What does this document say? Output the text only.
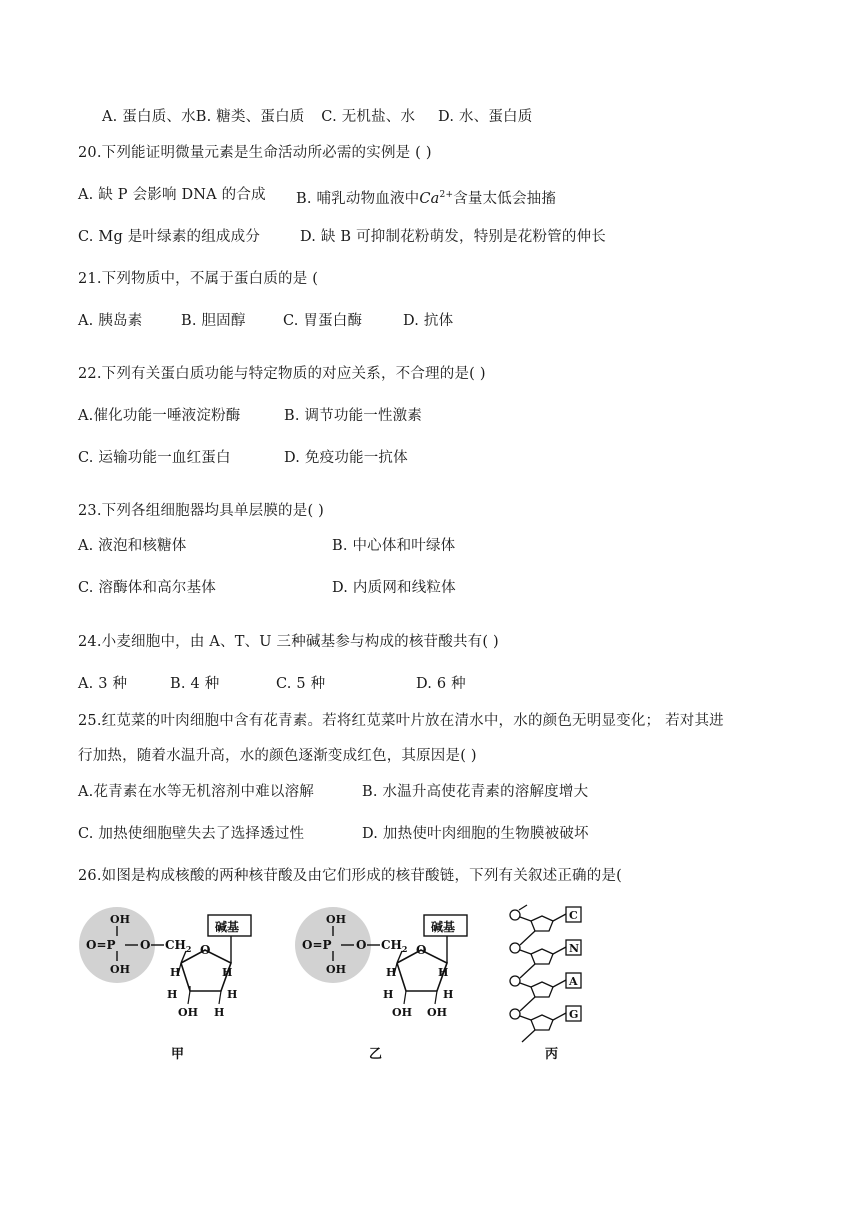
A. 蛋白质、水B. 糖类、蛋白质 C. 无机盐、水 D. 水、蛋白质
20.下列能证明微量元素是生命活动所必需的实例是 ( )
A. 缺 P 会影响 DNA 的合成 B. 哺乳动物血液中$Ca^{2+}$含量太低会抽搐
C. Mg 是叶绿素的组成成分	D. 缺 B 可抑制花粉萌发，特别是花粉管的伸长
21.下列物质中，不属于蛋白质的是 (
A. 胰岛素	B. 胆固醇	C. 胃蛋白酶	D. 抗体
22.下列有关蛋白质功能与特定物质的对应关系，不合理的是( )
A.催化功能一唾液淀粉酶	B. 调节功能一性激素
C. 运输功能一血红蛋白	D. 免疫功能一抗体
23.下列各组细胞器均具单层膜的是( )
A. 液泡和核糖体	B. 中心体和叶绿体
C. 溶酶体和高尔基体	D. 内质网和线粒体
24.小麦细胞中，由 A、T、U 三种碱基参与构成的核苷酸共有( )
A. 3 种	B. 4 种	C. 5 种	D. 6 种
25.红苋菜的叶肉细胞中含有花青素。若将红苋菜叶片放在清水中，水的颜色无明显变化； 若对其进
行加热，随着水温升高，水的颜色逐渐变成红色，其原因是( )
A.花青素在水等无机溶剂中难以溶解	B. 水温升高使花青素的溶解度增大
C. 加热使细胞壁失去了选择透过性	D. 加热使叶肉细胞的生物膜被破坏
26.如图是构成核酸的两种核苷酸及由它们形成的核苷酸链，下列有关叙述正确的是(
OH
O=P O
OH
$CH_2$ O
碱基
H	H
H	H
OH H
甲
OH
O=P O
OH
$CH_2$ O
碱基
H	H
H	H
OH OH
乙
C
N
A
G
丙
